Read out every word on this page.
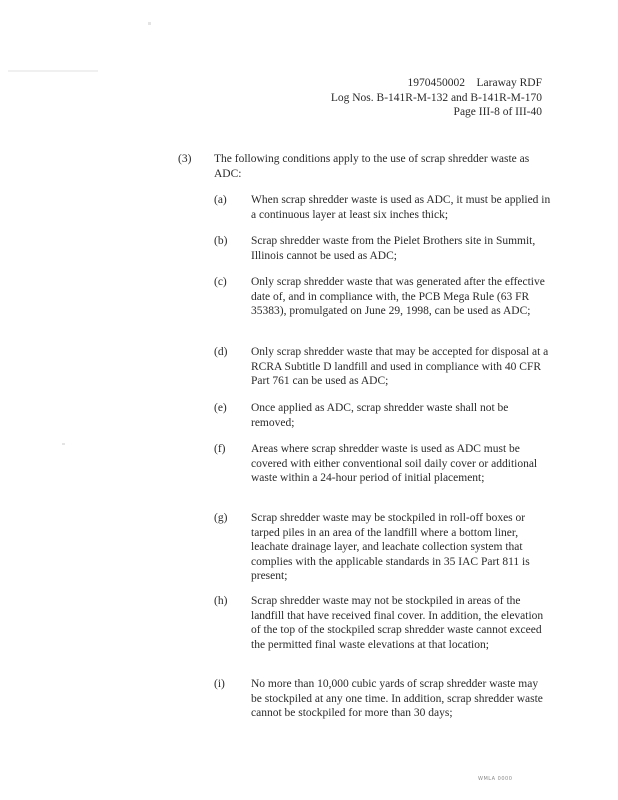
1970450002    Laraway RDF
Log Nos. B-141R-M-132 and B-141R-M-170
Page III-8 of III-40
(3) The following conditions apply to the use of scrap shredder waste as ADC:
(a) When scrap shredder waste is used as ADC, it must be applied in a continuous layer at least six inches thick;
(b) Scrap shredder waste from the Pielet Brothers site in Summit, Illinois cannot be used as ADC;
(c) Only scrap shredder waste that was generated after the effective date of, and in compliance with, the PCB Mega Rule (63 FR 35383), promulgated on June 29, 1998, can be used as ADC;
(d) Only scrap shredder waste that may be accepted for disposal at a RCRA Subtitle D landfill and used in compliance with 40 CFR Part 761 can be used as ADC;
(e) Once applied as ADC, scrap shredder waste shall not be removed;
(f) Areas where scrap shredder waste is used as ADC must be covered with either conventional soil daily cover or additional waste within a 24-hour period of initial placement;
(g) Scrap shredder waste may be stockpiled in roll-off boxes or tarped piles in an area of the landfill where a bottom liner, leachate drainage layer, and leachate collection system that complies with the applicable standards in 35 IAC Part 811 is present;
(h) Scrap shredder waste may not be stockpiled in areas of the landfill that have received final cover. In addition, the elevation of the top of the stockpiled scrap shredder waste cannot exceed the permitted final waste elevations at that location;
(i) No more than 10,000 cubic yards of scrap shredder waste may be stockpiled at any one time. In addition, scrap shredder waste cannot be stockpiled for more than 30 days;
WMLA 0000
